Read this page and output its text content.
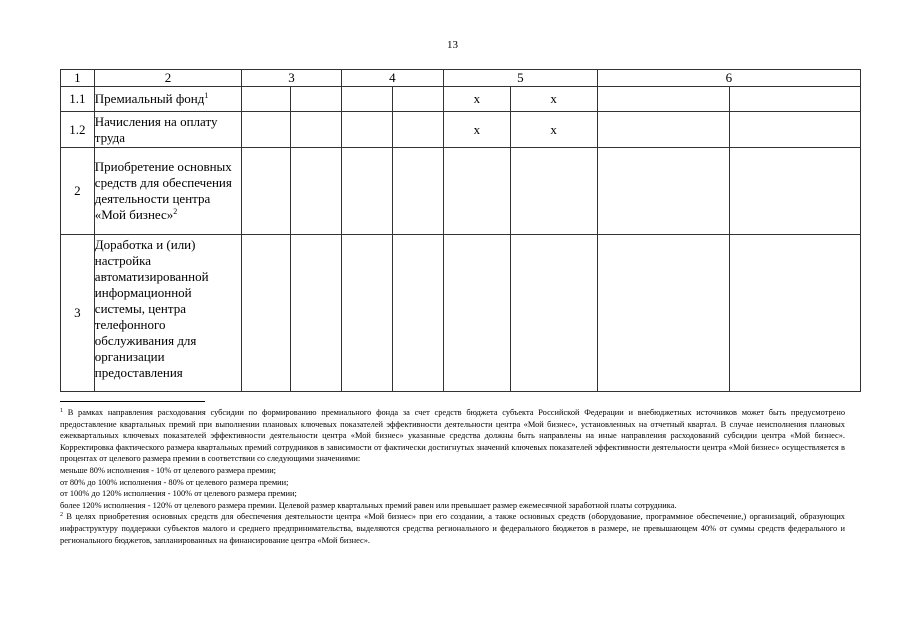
13
1	2	3		4		5		6	
1.1	Премиальный фонд$^1$					х	х		
1.2	Начисления на оплату труда					х	х		
2	Приобретение основных средств для обеспечения деятельности центра «Мой бизнес»$^2$								
3	Доработка и (или) настройка автоматизированной информационной системы, центра телефонного обслуживания для организации предоставления								

$^1$ В рамках направления расходования субсидии по формированию премиального фонда за счет средств бюджета субъекта Российской Федерации и внебюджетных источников может быть предусмотрено предоставление квартальных премий при выполнении плановых ключевых показателей эффективности деятельности центра «Мой бизнес», установленных на отчетный квартал. В случае неисполнения плановых ежеквартальных ключевых показателей эффективности деятельности центра «Мой бизнес» указанные средства должны быть направлены на иные направления расходований субсидии центра «Мой бизнес». Корректировка фактического размера квартальных премий сотрудников в зависимости от фактически достигнутых значений ключевых показателей эффективности деятельности центра «Мой бизнес» осуществляется в процентах от целевого размера премии в соответствии со следующими значениями:

меньше 80% исполнения - 10% от целевого размера премии;

от 80% до 100% исполнения - 80% от целевого размера премии;

от 100% до 120% исполнения - 100% от целевого размера премии;

более 120% исполнения - 120% от целевого размера премии. Целевой размер квартальных премий равен или превышает размер ежемесячной заработной платы сотрудника.

$^2$ В целях приобретения основных средств для обеспечения деятельности центра «Мой бизнес» при его создании, а также основных средств (оборудование, программное обеспечение,) организаций, образующих инфраструктуру поддержки субъектов малого и среднего предпринимательства, выделяются средства регионального и федерального бюджетов в размере, не превышающем 40% от суммы средств федерального и регионального бюджетов, запланированных на финансирование центра «Мой бизнес».
